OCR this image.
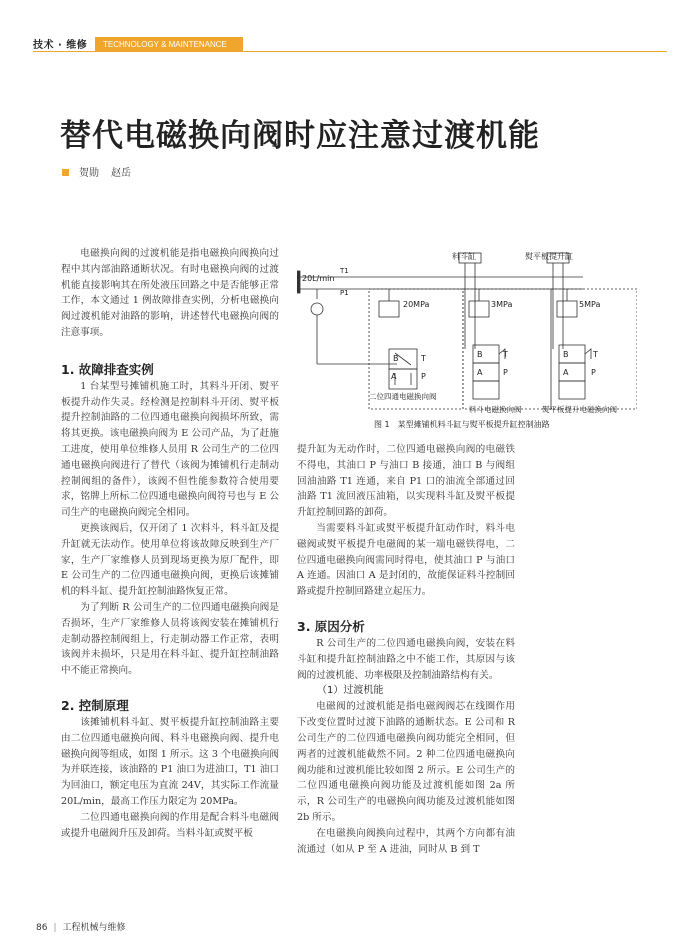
技术 · 维修	TECHNOLOGY & MAINTENANCE
替代电磁换向阀时应注意过渡机能
贺勋 赵岳

电磁换向阀的过渡机能是指电磁换向阀换向过程中其内部油路通断状况。有时电磁换向阀的过渡机能直接影响其在所处液压回路之中是否能够正常工作，本文通过 1 例故障排查实例，分析电磁换向阀过渡机能对油路的影响，讲述替代电磁换向阀的注意事项。

1. 故障排查实例

1 台某型号摊铺机施工时，其料斗开闭、熨平板提升动作失灵。经检测是控制料斗开闭、熨平板提升控制油路的二位四通电磁换向阀损坏所致，需将其更换。该电磁换向阀为 E 公司产品，为了赶施工进度，使用单位维修人员用 R 公司生产的二位四通电磁换向阀进行了替代（该阀为摊铺机行走制动控制阀组的备件），该阀不但性能参数符合使用要求，铭牌上所标二位四通电磁换向阀符号也与 E 公司生产的电磁换向阀完全相同。

更换该阀后，仅开闭了 1 次料斗，料斗缸及提升缸就无法动作。使用单位将该故障反映到生产厂家，生产厂家维修人员到现场更换为原厂配件，即 E 公司生产的二位四通电磁换向阀，更换后该摊铺机的料斗缸、提升缸控制油路恢复正常。

为了判断 R 公司生产的二位四通电磁换向阀是否损坏，生产厂家维修人员将该阀安装在摊铺机行走制动器控制阀组上，行走制动器工作正常，表明该阀并未损坏，只是用在料斗缸、提升缸控制油路中不能正常换向。

2. 控制原理

该摊铺机料斗缸、熨平板提升缸控制油路主要由二位四通电磁换向阀、料斗电磁换向阀、提升电磁换向阀等组成，如图 1 所示。这 3 个电磁换向阀为并联连接，该油路的 P1 油口为进油口，T1 油口为回油口，额定电压为直流 24V，其实际工作流量 20L/min，最高工作压力限定为 20MPa。

二位四通电磁换向阀的作用是配合料斗电磁阀或提升电磁阀升压及卸荷。当料斗缸或熨平板

20L/min
T1
P1
料斗缸	熨平板提升缸
20MPa	3MPa	5MPa
B	T
A	P
B	T
A	P
B	T
A	P
二位四通电磁换向阀
料斗电磁换向阀	熨平板提升电磁换向阀
图 1　某型摊铺机料斗缸与熨平板提升缸控制油路

提升缸为无动作时，二位四通电磁换向阀的电磁铁不得电，其油口 P 与油口 B 接通，油口 B 与阀组回油油路 T1 连通，来自 P1 口的油流全部通过回油路 T1 流回液压油箱，以实现料斗缸及熨平板提升缸控制回路的卸荷。

当需要料斗缸或熨平板提升缸动作时，料斗电磁阀或熨平板提升电磁阀的某一端电磁铁得电，二位四通电磁换向阀需同时得电，使其油口 P 与油口 A 连通。因油口 A 是封闭的，故能保证料斗控制回路或提升控制回路建立起压力。

3. 原因分析

R 公司生产的二位四通电磁换向阀，安装在料斗缸和提升缸控制油路之中不能工作，其原因与该阀的过渡机能、功率极限及控制油路结构有关。

（1）过渡机能

电磁阀的过渡机能是指电磁阀阀芯在线圈作用下改变位置时过渡下油路的通断状态。E 公司和 R 公司生产的二位四通电磁换向阀功能完全相同，但两者的过渡机能截然不同。2 种二位四通电磁换向阀功能和过渡机能比较如图 2 所示。E 公司生产的二位四通电磁换向阀功能及过渡机能如图 2a 所示，R 公司生产的电磁换向阀功能及过渡机能如图 2b 所示。

在电磁换向阀换向过程中，其两个方向都有油流通过（如从 P 至 A 进油，同时从 B 到 T

86 | 工程机械与维修
